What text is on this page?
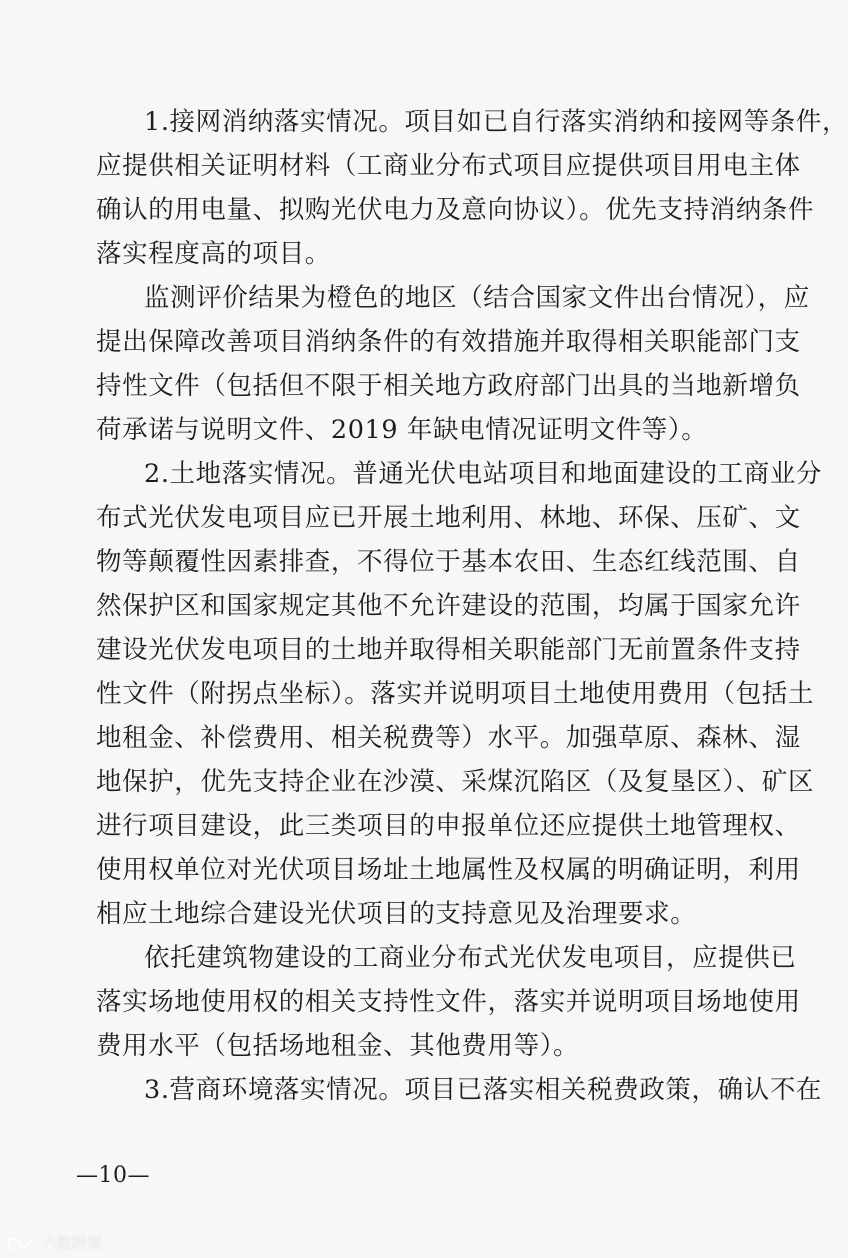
1.接网消纳落实情况。项目如已自行落实消纳和接网等条件，
应提供相关证明材料（工商业分布式项目应提供项目用电主体
确认的用电量、拟购光伏电力及意向协议）。优先支持消纳条件
落实程度高的项目。
监测评价结果为橙色的地区（结合国家文件出台情况），应
提出保障改善项目消纳条件的有效措施并取得相关职能部门支
持性文件（包括但不限于相关地方政府部门出具的当地新增负
荷承诺与说明文件、2019 年缺电情况证明文件等）。
2.土地落实情况。普通光伏电站项目和地面建设的工商业分
布式光伏发电项目应已开展土地利用、林地、环保、压矿、文
物等颠覆性因素排查，不得位于基本农田、生态红线范围、自
然保护区和国家规定其他不允许建设的范围，均属于国家允许
建设光伏发电项目的土地并取得相关职能部门无前置条件支持
性文件（附拐点坐标）。落实并说明项目土地使用费用（包括土
地租金、补偿费用、相关税费等）水平。加强草原、森林、湿
地保护，优先支持企业在沙漠、采煤沉陷区（及复垦区）、矿区
进行项目建设，此三类项目的申报单位还应提供土地管理权、
使用权单位对光伏项目场址土地属性及权属的明确证明，利用
相应土地综合建设光伏项目的支持意见及治理要求。
依托建筑物建设的工商业分布式光伏发电项目，应提供已
落实场地使用权的相关支持性文件，落实并说明项目场地使用
费用水平（包括场地租金、其他费用等）。
3.营商环境落实情况。项目已落实相关税费政策，确认不在
—10—
六散跨境
